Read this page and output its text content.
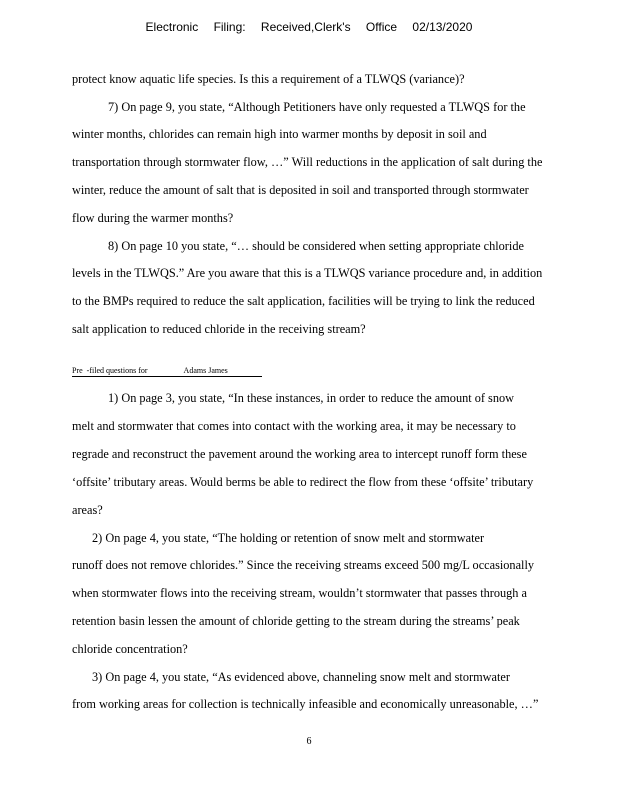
Electronic Filing: Received,Clerk's Office 02/13/2020
protect know aquatic life species. Is this a requirement of a TLWQS (variance)?
7) On page 9, you state, “Although Petitioners have only requested a TLWQS for the
winter months, chlorides can remain high into warmer months by deposit in soil and
transportation through stormwater flow, …” Will reductions in the application of salt during the
winter, reduce the amount of salt that is deposited in soil and transported through stormwater
flow during the warmer months?
8) On page 10 you state, “… should be considered when setting appropriate chloride
levels in the TLWQS.” Are you aware that this is a TLWQS variance procedure and, in addition
to the BMPs required to reduce the salt application, facilities will be trying to link the reduced
salt application to reduced chloride in the receiving stream?
Pre -filed questions for	Adams James
1) On page 3, you state, “In these instances, in order to reduce the amount of snow
melt and stormwater that comes into contact with the working area, it may be necessary to
regrade and reconstruct the pavement around the working area to intercept runoff form these
‘offsite’ tributary areas. Would berms be able to redirect the flow from these ‘offsite’ tributary
areas?
2) On page 4, you state, “The holding or retention of snow melt and stormwater
runoff does not remove chlorides.” Since the receiving streams exceed 500 mg/L occasionally
when stormwater flows into the receiving stream, wouldn’t stormwater that passes through a
retention basin lessen the amount of chloride getting to the stream during the streams’ peak
chloride concentration?
3) On page 4, you state, “As evidenced above, channeling snow melt and stormwater
from working areas for collection is technically infeasible and economically unreasonable, …”
6
